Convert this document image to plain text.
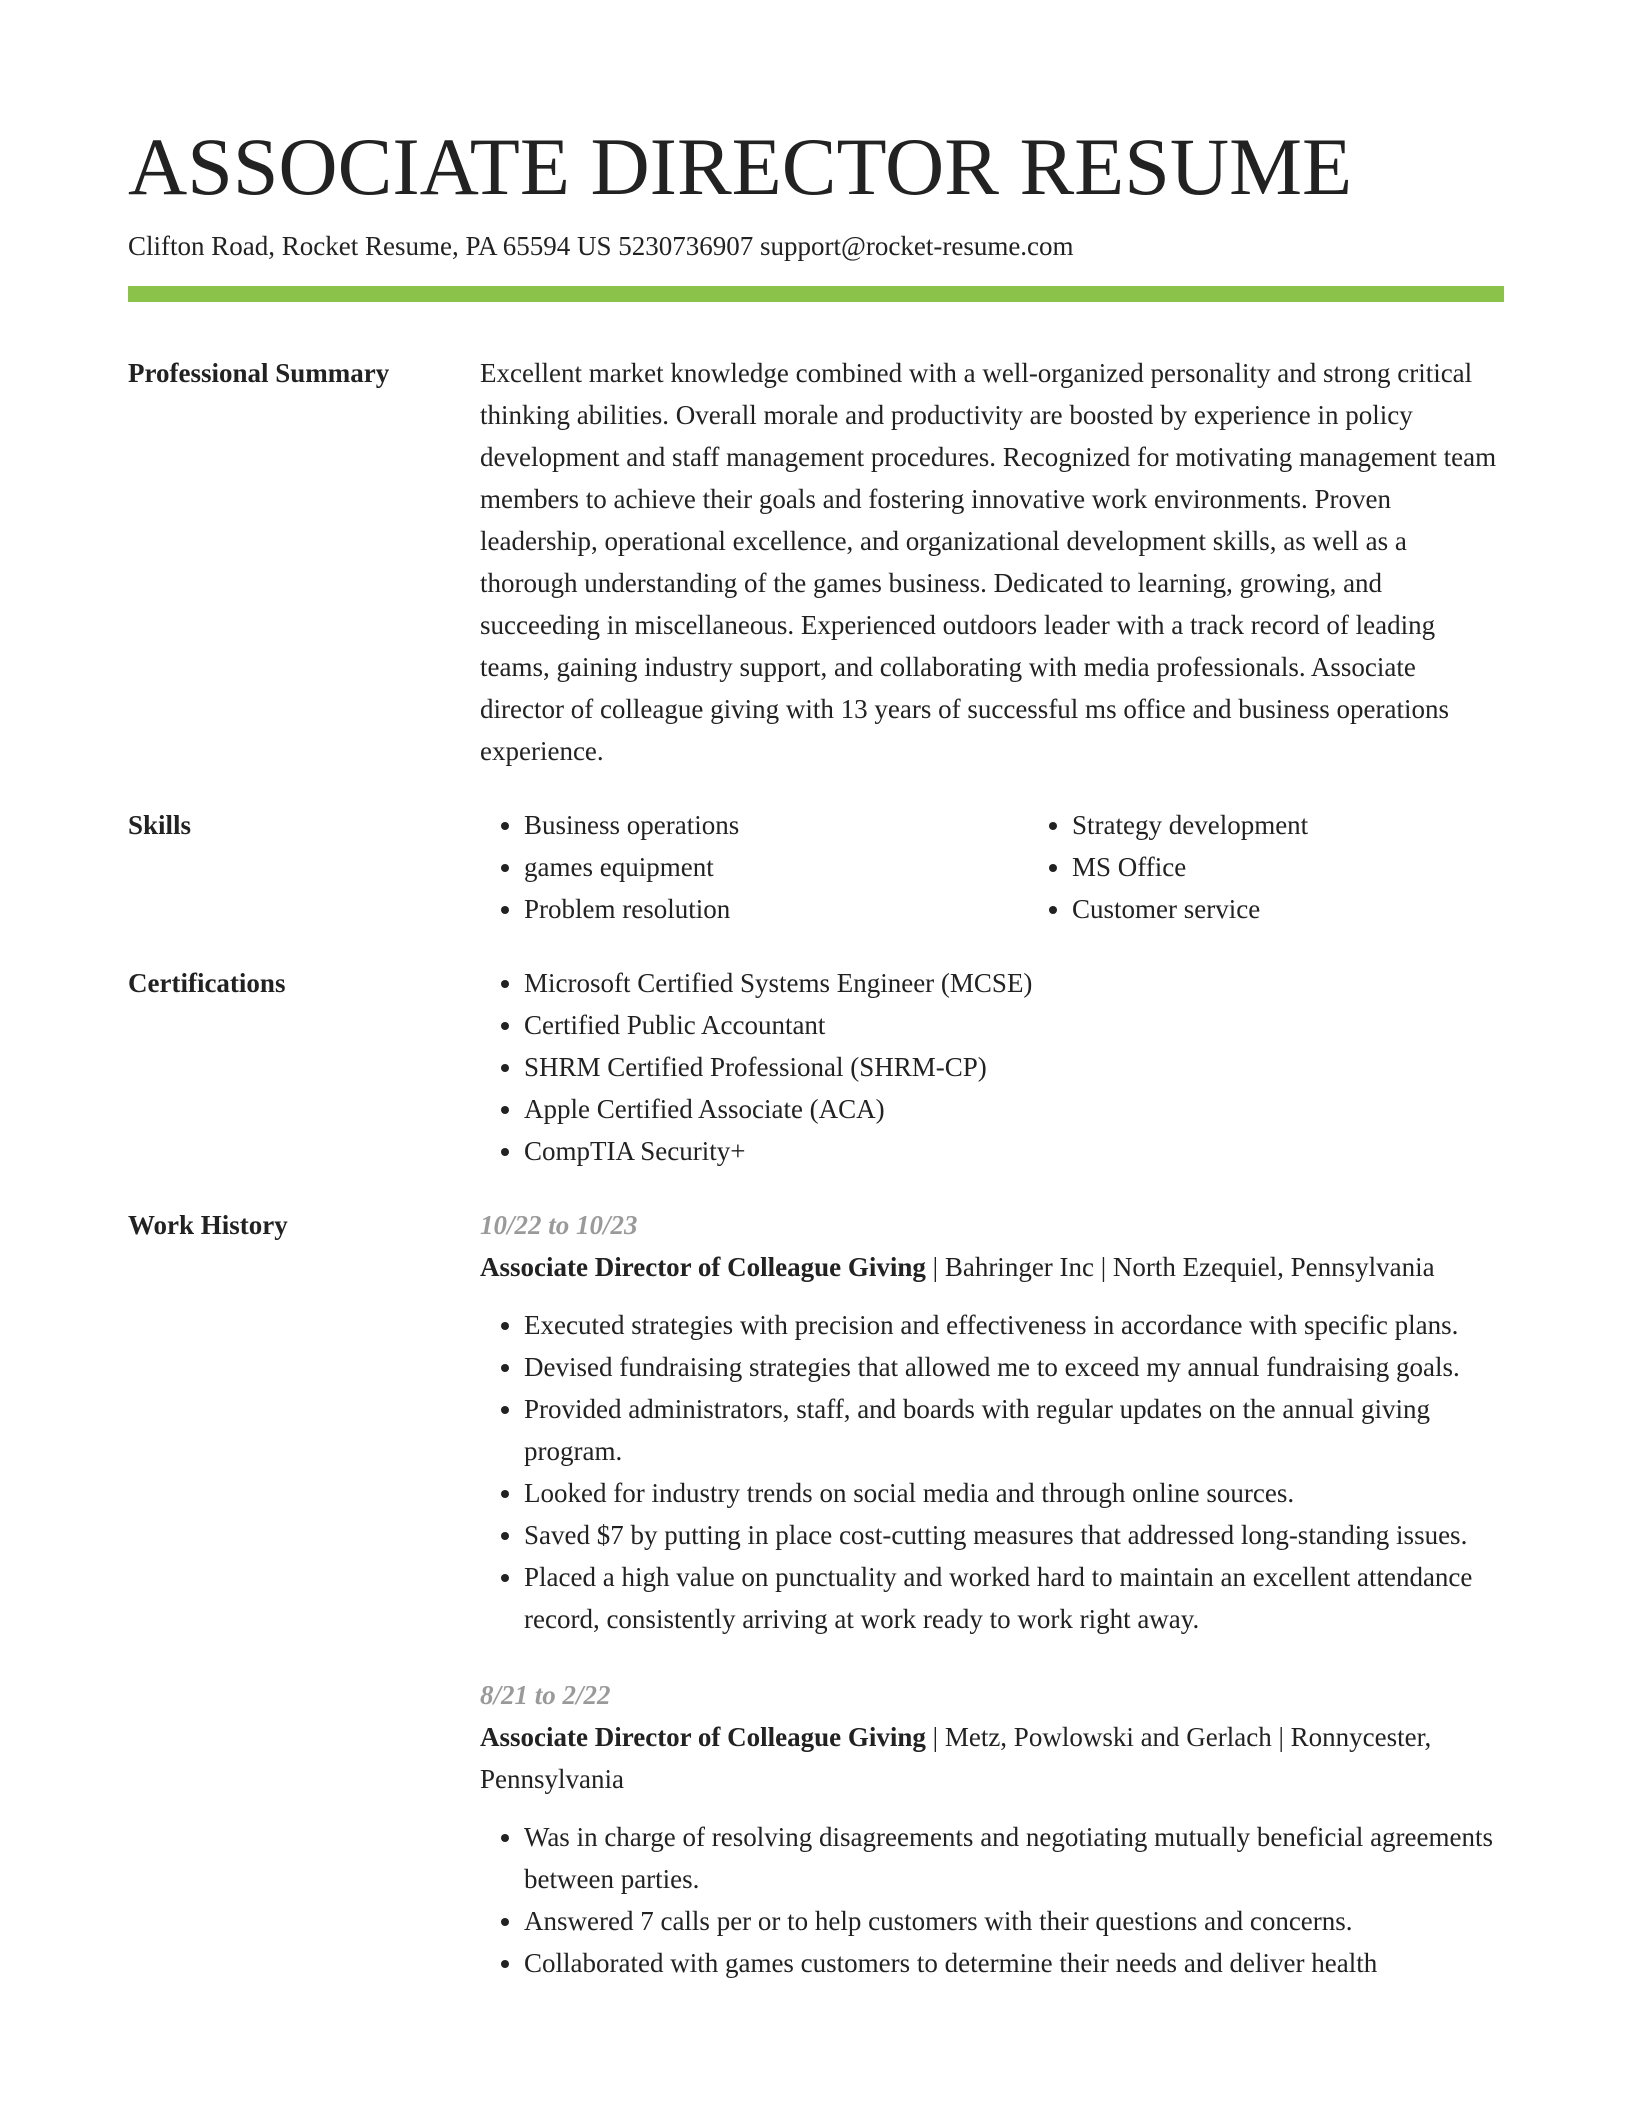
ASSOCIATE DIRECTOR RESUME
Clifton Road, Rocket Resume, PA 65594 US 5230736907 support@rocket-resume.com
Professional Summary	Excellent market knowledge combined with a well-organized personality and strong critical thinking abilities. Overall morale and productivity are boosted by experience in policy development and staff management procedures. Recognized for motivating management team members to achieve their goals and fostering innovative work environments. Proven leadership, operational excellence, and organizational development skills, as well as a thorough understanding of the games business. Dedicated to learning, growing, and succeeding in miscellaneous. Experienced outdoors leader with a track record of leading teams, gaining industry support, and collaborating with media professionals. Associate director of colleague giving with 13 years of successful ms office and business operations experience.

Skills	• Business operations
• games equipment
• Problem resolution
• Strategy development
• MS Office
• Customer service
Certifications	• Microsoft Certified Systems Engineer (MCSE)
• Certified Public Accountant
• SHRM Certified Professional (SHRM-CP)
• Apple Certified Associate (ACA)
• CompTIA Security+
Work History	10/22 to 10/23
Associate Director of Colleague Giving | Bahringer Inc | North Ezequiel, Pennsylvania
• Executed strategies with precision and effectiveness in accordance with specific plans.
• Devised fundraising strategies that allowed me to exceed my annual fundraising goals.
• Provided administrators, staff, and boards with regular updates on the annual giving program.
• Looked for industry trends on social media and through online sources.
• Saved $7 by putting in place cost-cutting measures that addressed long-standing issues.
• Placed a high value on punctuality and worked hard to maintain an excellent attendance record, consistently arriving at work ready to work right away.
8/21 to 2/22
Associate Director of Colleague Giving | Metz, Powlowski and Gerlach | Ronnycester, Pennsylvania
• Was in charge of resolving disagreements and negotiating mutually beneficial agreements between parties.
• Answered 7 calls per or to help customers with their questions and concerns.
• Collaborated with games customers to determine their needs and deliver health
